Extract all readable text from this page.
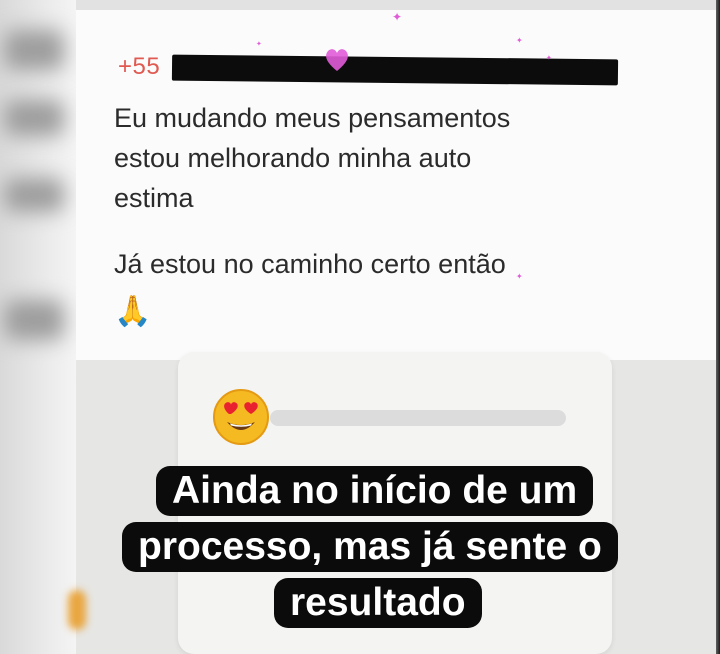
+55
✦
✦
✦
✦
✦
Eu mudando meus pensamentos
estou melhorando minha auto
estima
Já estou no caminho certo então
🙏
Ainda no início de um
processo, mas já sente o
resultado
